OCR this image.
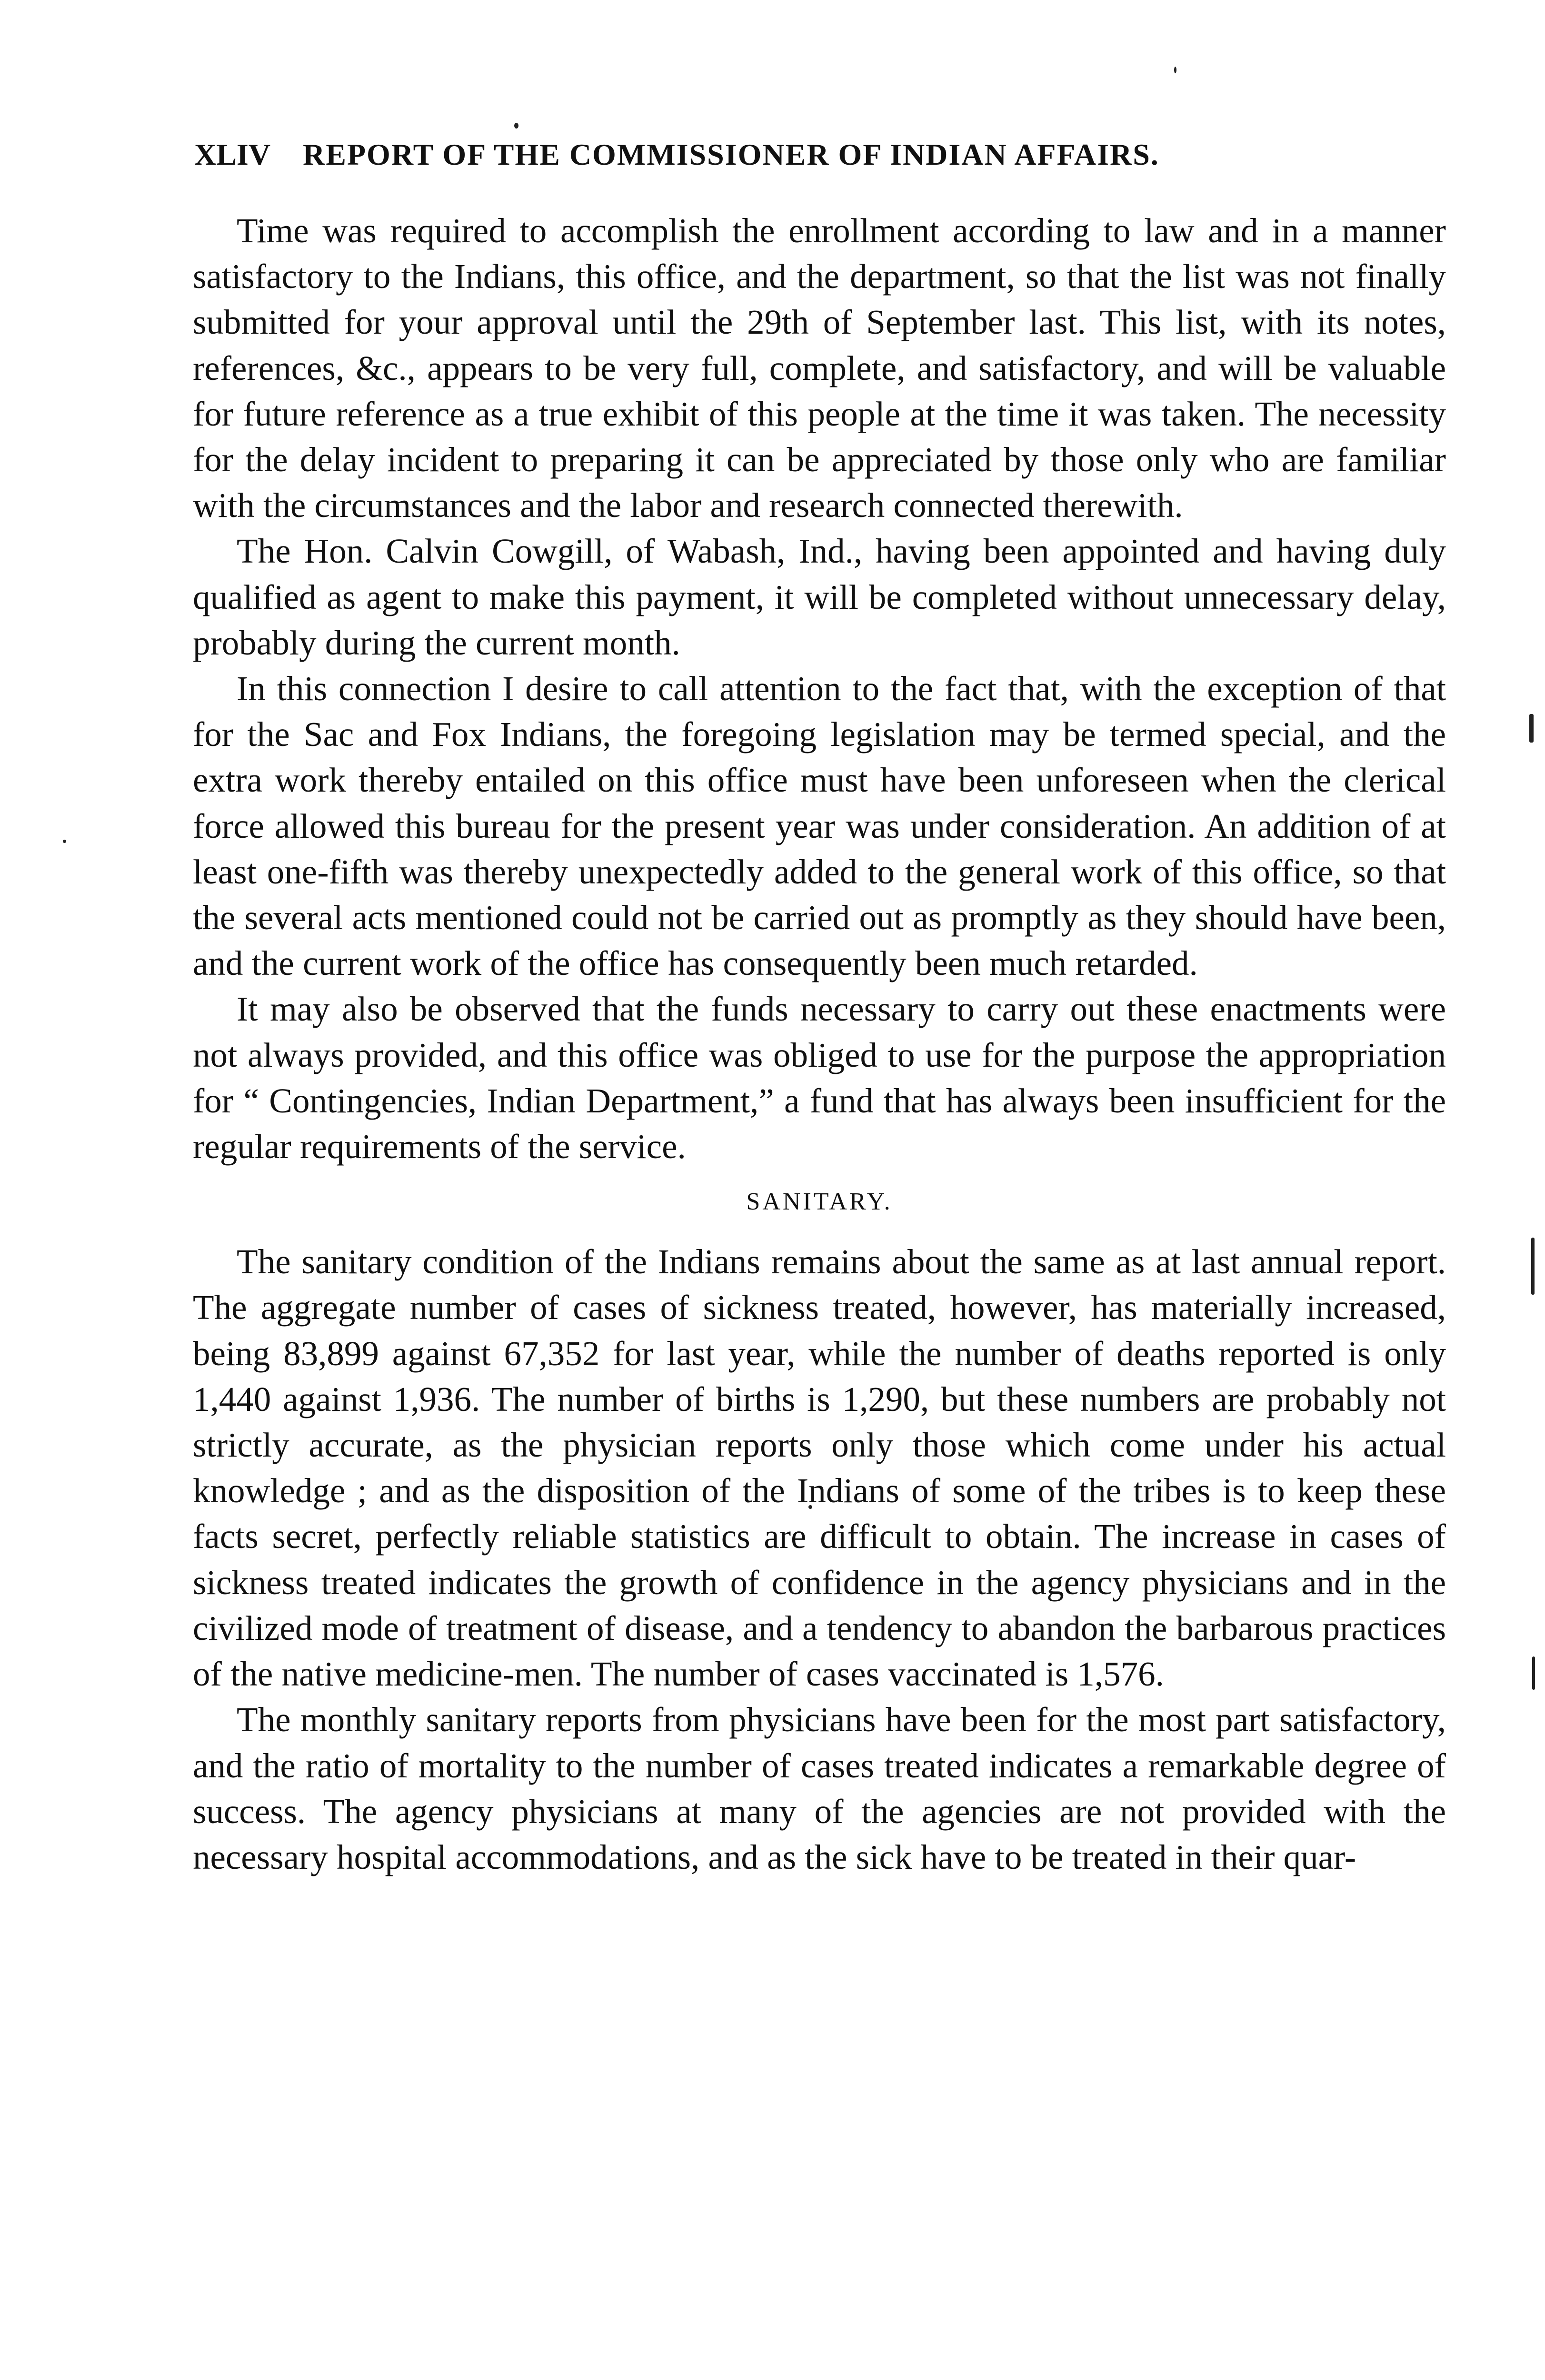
XLIV REPORT OF THE COMMISSIONER OF INDIAN AFFAIRS.

Time was required to accomplish the enrollment according to law and in a manner satisfactory to the Indians, this office, and the department, so that the list was not finally submitted for your approval until the 29th of September last. This list, with its notes, references, &c., appears to be very full, complete, and satisfactory, and will be valuable for future reference as a true exhibit of this people at the time it was taken. The necessity for the delay incident to preparing it can be appreciated by those only who are familiar with the circumstances and the labor and research connected therewith.

The Hon. Calvin Cowgill, of Wabash, Ind., having been appointed and having duly qualified as agent to make this payment, it will be completed without unnecessary delay, probably during the current month.

In this connection I desire to call attention to the fact that, with the exception of that for the Sac and Fox Indians, the foregoing legislation may be termed special, and the extra work thereby entailed on this office must have been unforeseen when the clerical force allowed this bureau for the present year was under consideration. An addition of at least one-fifth was thereby unexpectedly added to the general work of this office, so that the several acts mentioned could not be carried out as promptly as they should have been, and the current work of the office has consequently been much retarded.

It may also be observed that the funds necessary to carry out these enactments were not always provided, and this office was obliged to use for the purpose the appropriation for “ Contingencies, Indian Department,” a fund that has always been insufficient for the regular requirements of the service.

SANITARY.

The sanitary condition of the Indians remains about the same as at last annual report. The aggregate number of cases of sickness treated, however, has materially increased, being 83,899 against 67,352 for last year, while the number of deaths reported is only 1,440 against 1,936. The number of births is 1,290, but these numbers are probably not strictly accurate, as the physician reports only those which come under his actual knowledge ; and as the disposition of the Indians of some of the tribes is to keep these facts secret, perfectly reliable statistics are difficult to obtain. The increase in cases of sickness treated indicates the growth of confidence in the agency physicians and in the civilized mode of treatment of disease, and a tendency to abandon the barbarous practices of the native medicine-men. The number of cases vaccinated is 1,576.

The monthly sanitary reports from physicians have been for the most part satisfactory, and the ratio of mortality to the number of cases treated indicates a remarkable degree of success. The agency physicians at many of the agencies are not provided with the necessary hospital accommodations, and as the sick have to be treated in their quar-
